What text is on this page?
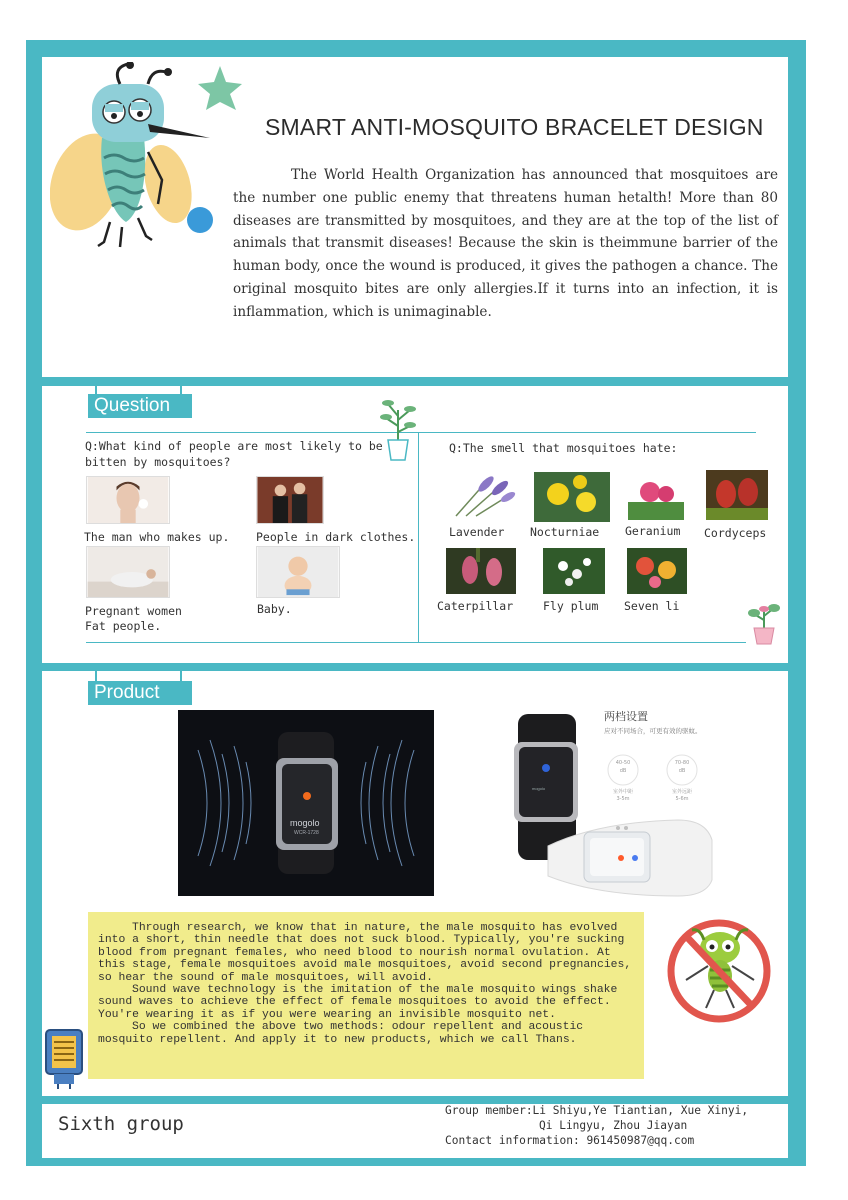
SMART ANTI-MOSQUITO BRACELET DESIGN
The World Health Organization has announced that mosquitoes are the number one public enemy that threatens human hetalth! More than 80 diseases are transmitted by mosquitoes, and they are at the top of the list of animals that transmit diseases! Because the skin is theimmune barrier of the human body, once the wound is produced, it gives the pathogen a chance. The original mosquito bites are only allergies.If it turns into an infection, it is inflammation, which is unimaginable.
Question
Q:What kind of people are most likely to be bitten by mosquitoes?
Q:The smell that mosquitoes hate:
The man who makes up. People in dark clothes.
Pregnant women
Fat people.
Baby.
Lavender Nocturniae Geranium Cordyceps
Caterpillar	Fly plum Seven li
Product
mogolo
WCR-1728
mogolo
两档设置
应对不同场合，可更有效的驱蚊。
40-50
dB
室外中距
3-5m
70-80
dB
室外远距
5-6m

Through research, we know that in nature, the male mosquito has evolved into a short, thin needle that does not suck blood. Typically, you're sucking blood from pregnant females, who need blood to nourish normal ovulation. At this stage, female mosquitoes avoid male mosquitoes, avoid second pregnancies, so hear the sound of male mosquitoes, will avoid.

Sound wave technology is the imitation of the male mosquito wings shake sound waves to achieve the effect of female mosquitoes to avoid the effect. You're wearing it as if you were wearing an invisible mosquito net.

So we combined the above two methods: odour repellent and acoustic mosquito repellent. And apply it to new products, which we call Thans.

Sixth group
Group member:Li Shiyu,Ye Tiantian, Xue Xinyi,
Qi Lingyu, Zhou Jiayan
Contact information: 961450987@qq.com
